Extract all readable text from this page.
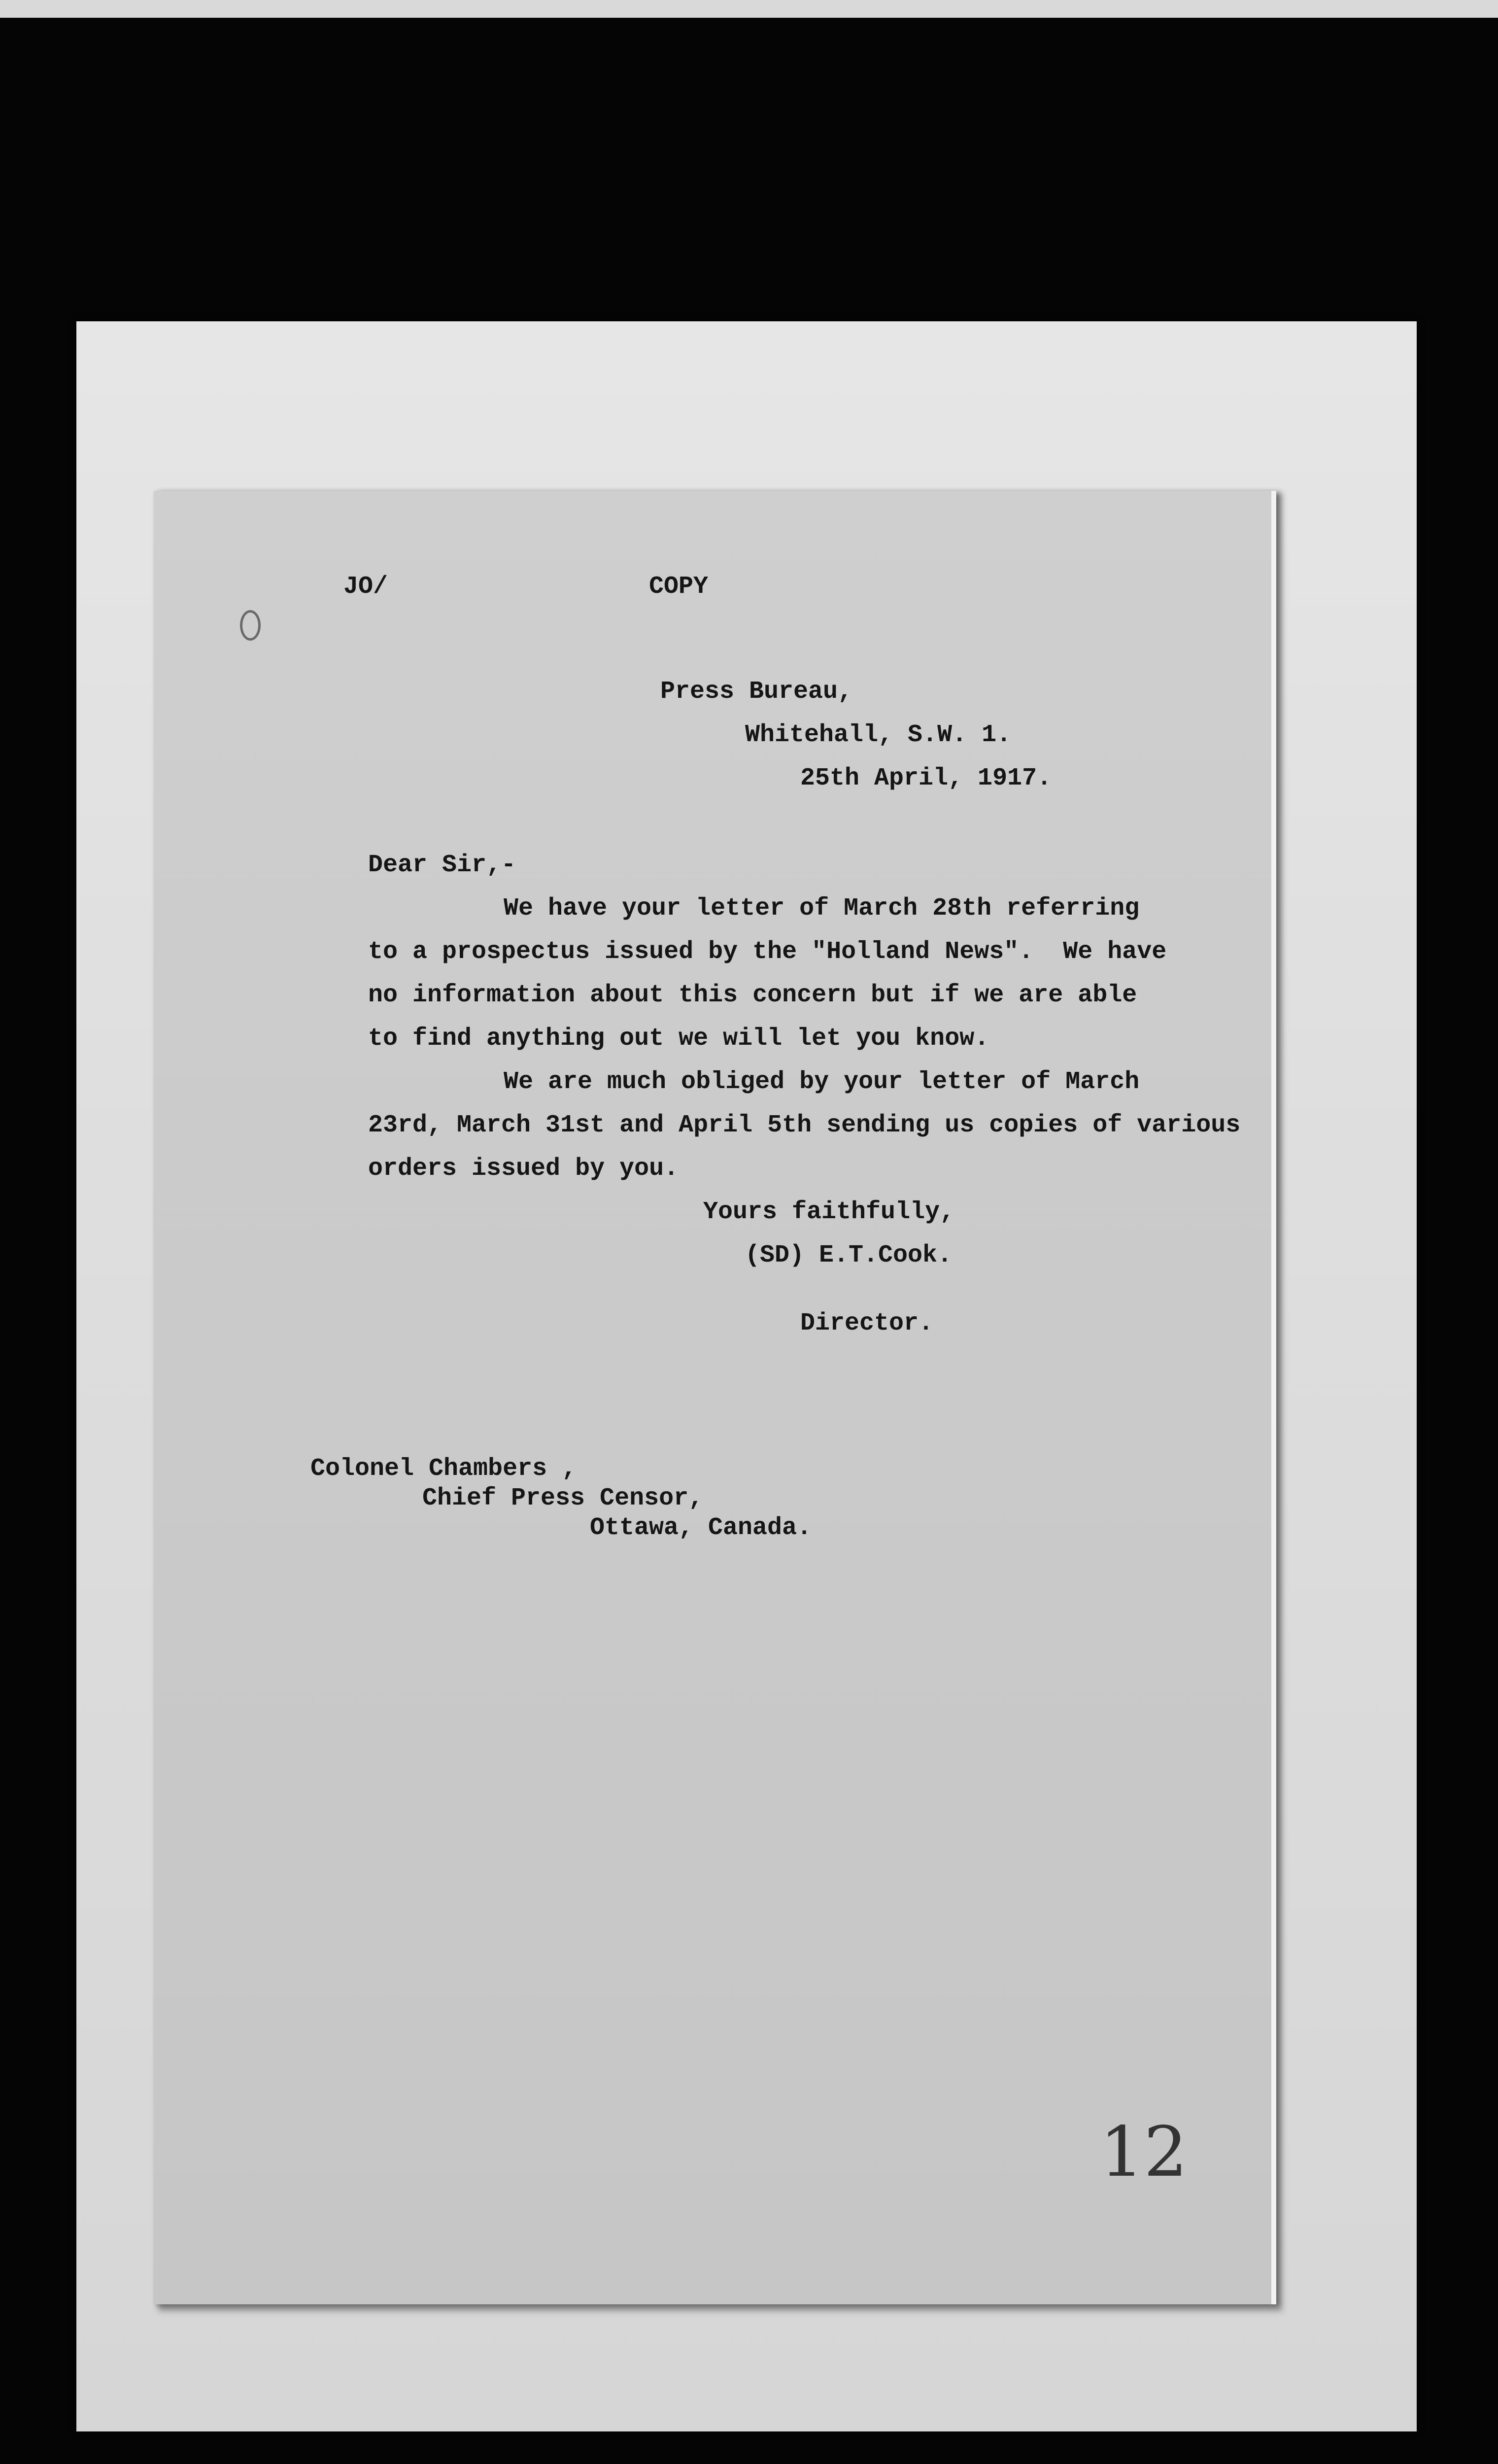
JO/	COPY
Press Bureau,
Whitehall, S.W. 1.
25th April, 1917.
Dear Sir,-
We have your letter of March 28th referring
to a prospectus issued by the "Holland News".  We have
no information about this concern but if we are able
to find anything out we will let you know.
We are much obliged by your letter of March
23rd, March 31st and April 5th sending us copies of various
orders issued by you.
Yours faithfully,
(SD) E.T.Cook.
Director.
Colonel Chambers ,
Chief Press Censor,
Ottawa, Canada.
12
